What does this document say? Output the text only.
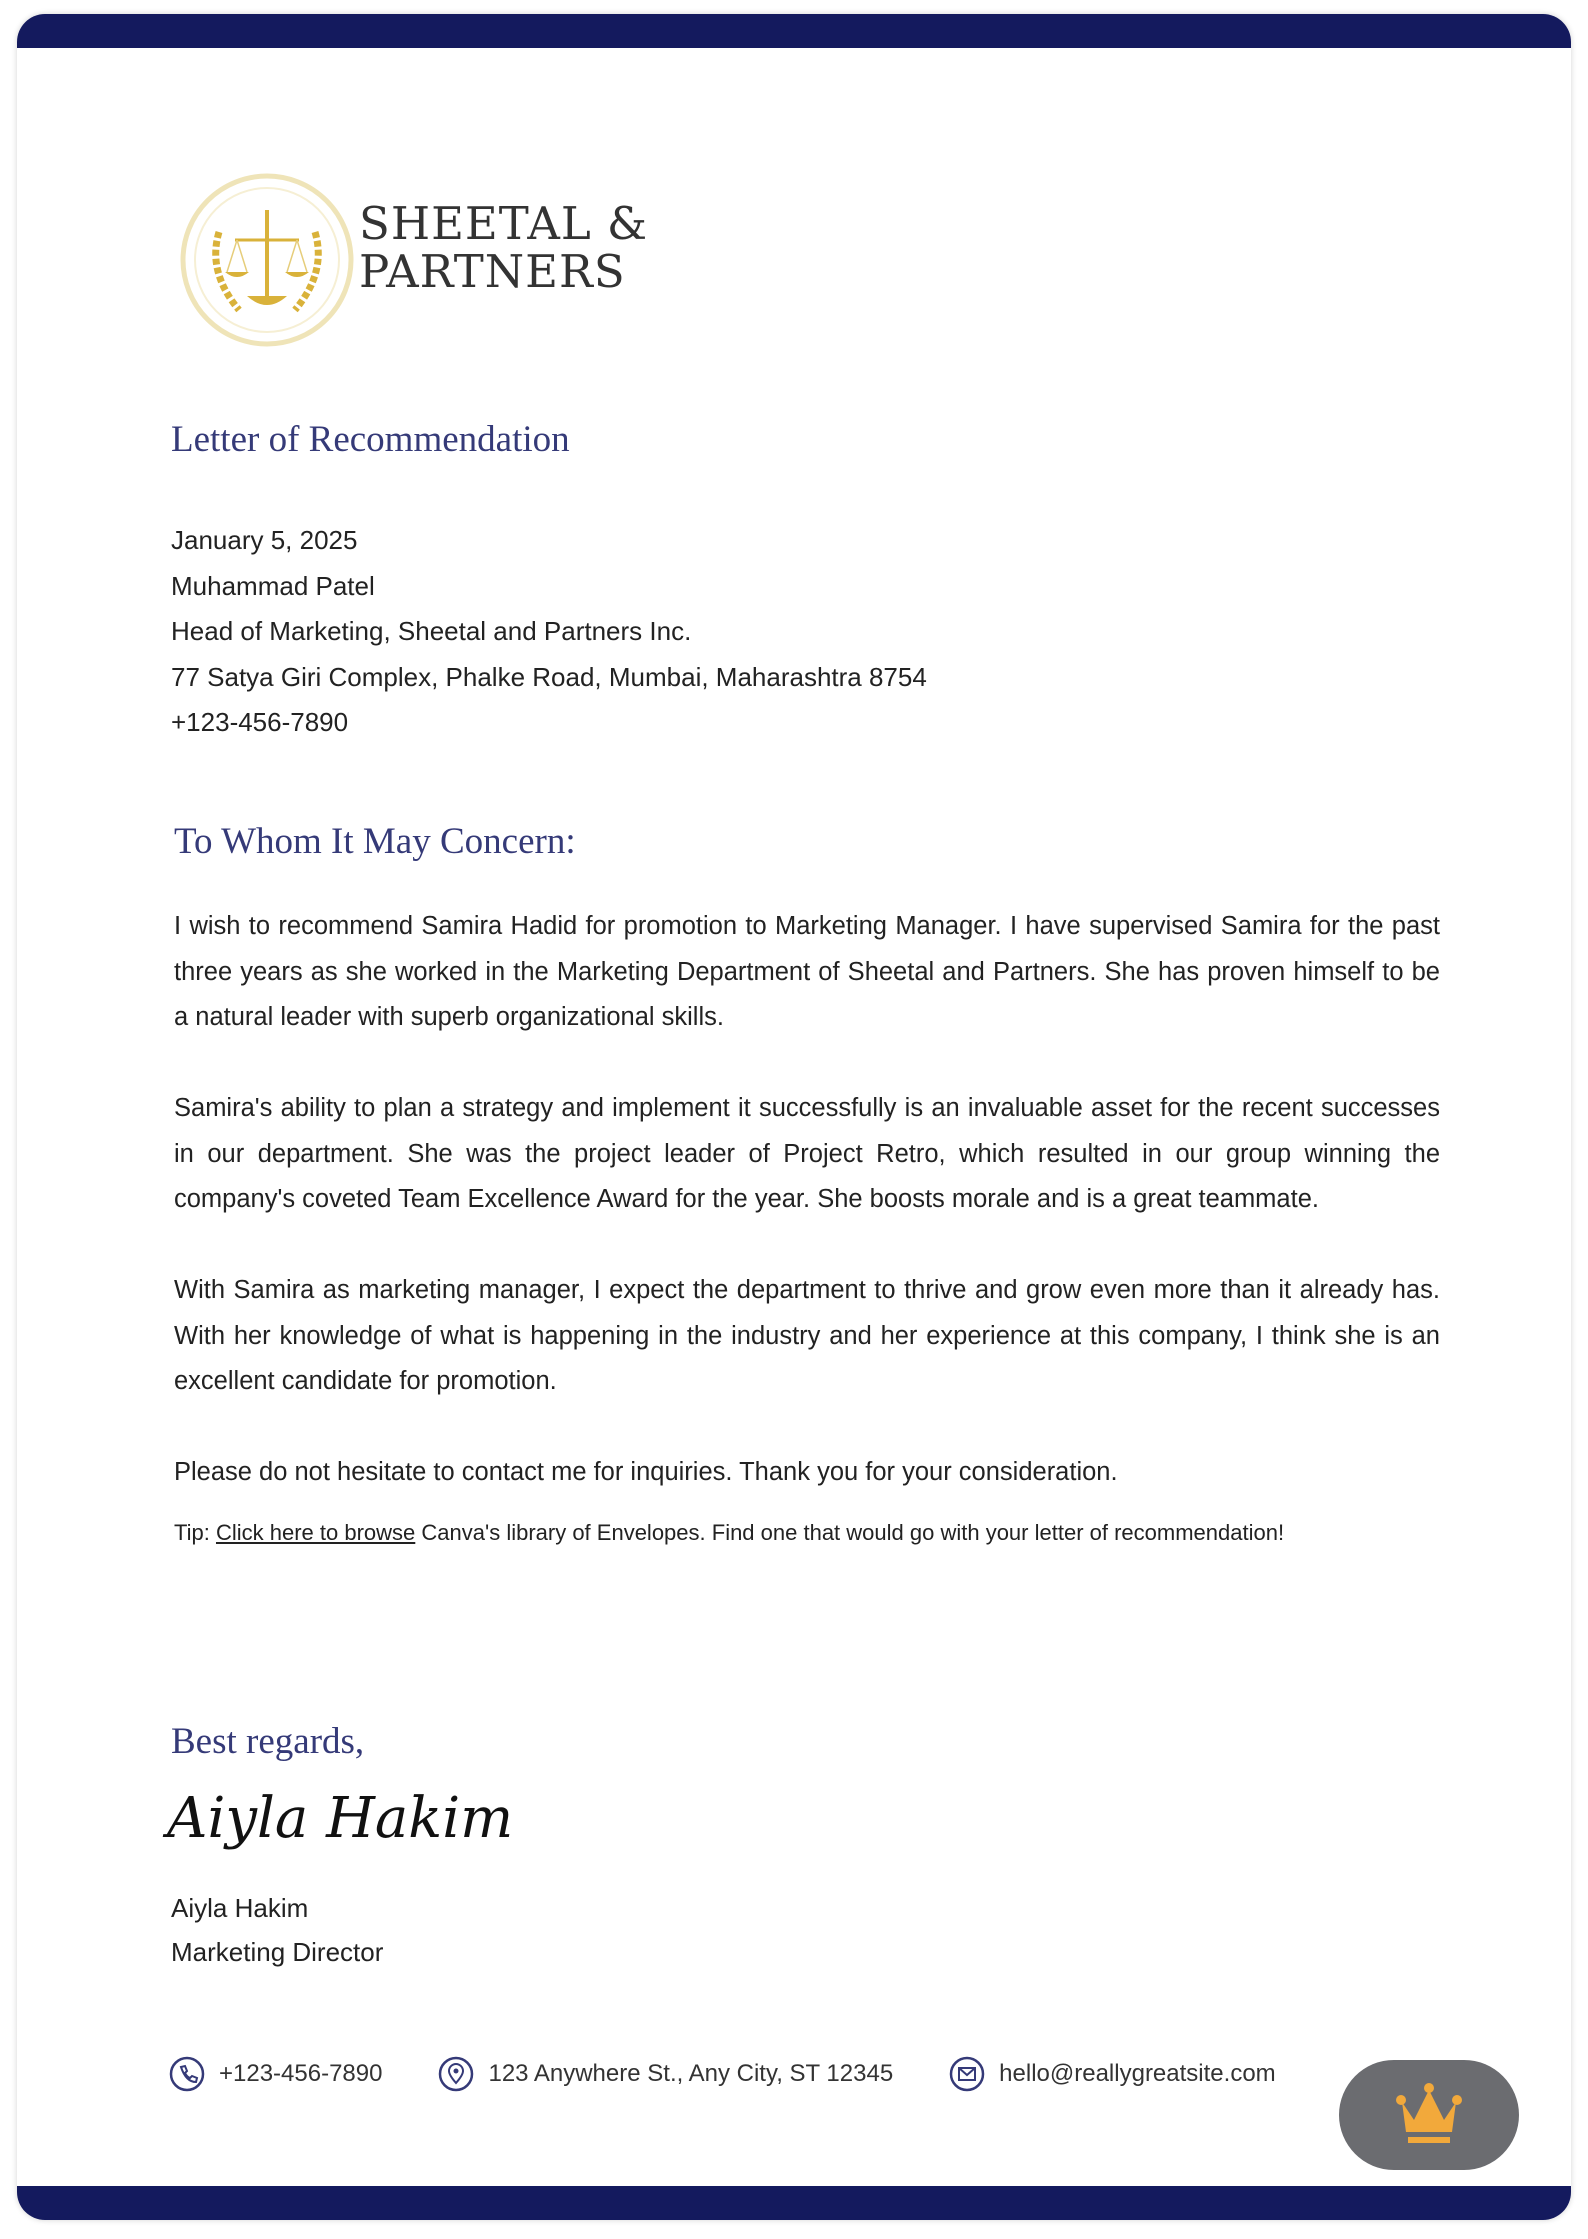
SHEETAL &
PARTNERS
Letter of Recommendation
January 5, 2025
Muhammad Patel
Head of Marketing, Sheetal and Partners Inc.
77 Satya Giri Complex, Phalke Road, Mumbai, Maharashtra 8754
+123-456-7890
To Whom It May Concern:

I wish to recommend Samira Hadid for promotion to Marketing Manager. I have supervised Samira for the past three years as she worked in the Marketing Department of Sheetal and Partners. She has proven himself to be a natural leader with superb organizational skills.

Samira's ability to plan a strategy and implement it successfully is an invaluable asset for the recent successes in our department. She was the project leader of Project Retro, which resulted in our group winning the company's coveted Team Excellence Award for the year. She boosts morale and is a great teammate.

With Samira as marketing manager, I expect the department to thrive and grow even more than it already has. With her knowledge of what is happening in the industry and her experience at this company, I think she is an excellent candidate for promotion.

Please do not hesitate to contact me for inquiries. Thank you for your consideration.

Tip: Click here to browse Canva's library of Envelopes. Find one that would go with your letter of recommendation!
Best regards,
Aiyla Hakim
Aiyla Hakim
Marketing Director
+123-456-7890	123 Anywhere St., Any City, ST 12345	hello@reallygreatsite.com
